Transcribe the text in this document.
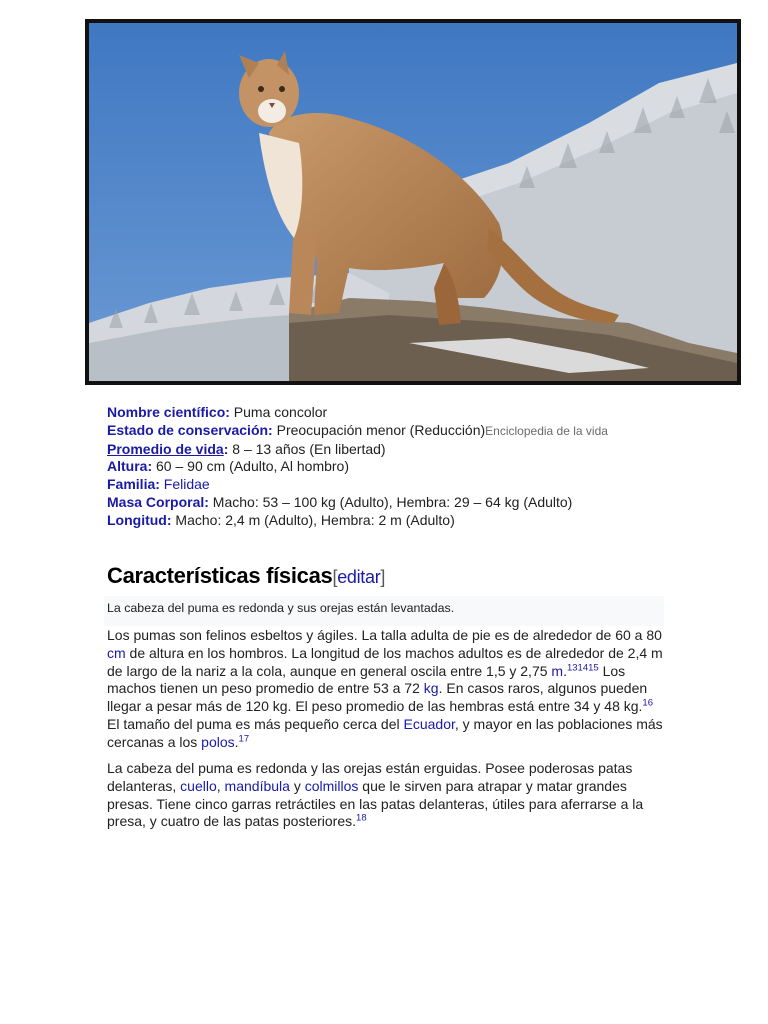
Nombre científico: Puma concolor
Estado de conservación: Preocupación menor (Reducción)Enciclopedia de la vida
Promedio de vida: 8 – 13 años (En libertad)
Altura: 60 – 90 cm (Adulto, Al hombro)
Familia: Felidae
Masa Corporal: Macho: 53 – 100 kg (Adulto), Hembra: 29 – 64 kg (Adulto)
Longitud: Macho: 2,4 m (Adulto), Hembra: 2 m (Adulto)
Características físicas[editar]
La cabeza del puma es redonda y sus orejas están levantadas.

Los pumas son felinos esbeltos y ágiles. La talla adulta de pie es de alrededor de 60 a 80 cm de altura en los hombros. La longitud de los machos adultos es de alrededor de 2,4 m de largo de la nariz a la cola, aunque en general oscila entre 1,5 y 2,75 m.$^{131415}$ Los machos tienen un peso promedio de entre 53 a 72 kg. En casos raros, algunos pueden llegar a pesar más de 120 kg. El peso promedio de las hembras está entre 34 y 48 kg.$^{16}$ El tamaño del puma es más pequeño cerca del Ecuador, y mayor en las poblaciones más cercanas a los polos.$^{17}$

La cabeza del puma es redonda y las orejas están erguidas. Posee poderosas patas delanteras, cuello, mandíbula y colmillos que le sirven para atrapar y matar grandes presas. Tiene cinco garras retráctiles en las patas delanteras, útiles para aferrarse a la presa, y cuatro de las patas posteriores.$^{18}$
